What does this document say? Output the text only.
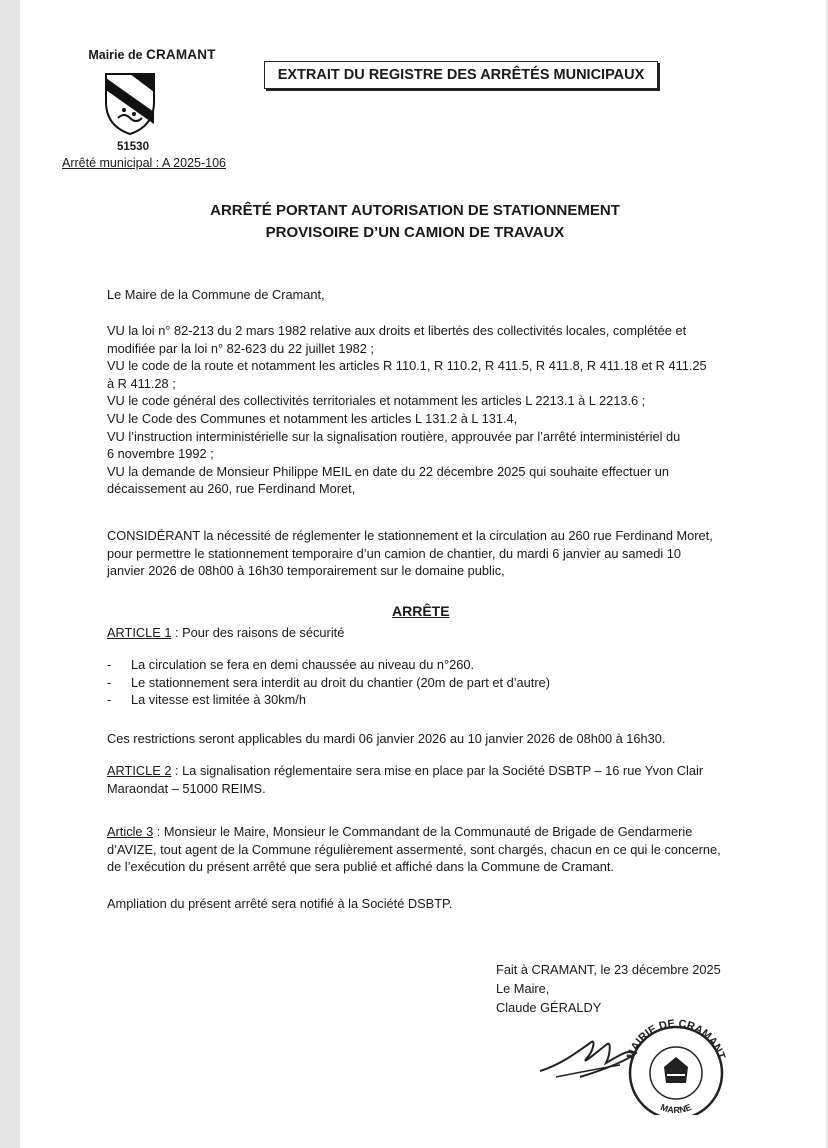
Mairie de CRAMANT
51530
Arrêté municipal : A 2025-106
EXTRAIT DU REGISTRE DES ARRÊTÉS MUNICIPAUX
ARRÊTÉ PORTANT AUTORISATION DE STATIONNEMENT
PROVISOIRE D’UN CAMION DE TRAVAUX

Le Maire de la Commune de Cramant,

VU la loi n° 82-213 du 2 mars 1982 relative aux droits et libertés des collectivités locales, complétée et

modifiée par la loi n° 82-623 du 22 juillet 1982 ;

VU le code de la route et notamment les articles R 110.1, R 110.2, R 411.5, R 411.8, R 411.18 et R 411.25

à R 411.28 ;

VU le code général des collectivités territoriales et notamment les articles L 2213.1 à L 2213.6 ;

VU le Code des Communes et notamment les articles L 131.2 à L 131.4,

VU l’instruction interministérielle sur la signalisation routière, approuvée par l’arrêté interministériel du

6 novembre 1992 ;

VU la demande de Monsieur Philippe MEIL en date du 22 décembre 2025 qui souhaite effectuer un

décaissement au 260, rue Ferdinand Moret,

CONSIDÉRANT la nécessité de réglementer le stationnement et la circulation au 260 rue Ferdinand Moret,

pour permettre le stationnement temporaire d’un camion de chantier, du mardi 6 janvier au samedi 10

janvier 2026 de 08h00 à 16h30 temporairement sur le domaine public,

ARRÊTE

ARTICLE 1 : Pour des raisons de sécurité

- La circulation se fera en demi chaussée au niveau du n°260.
- Le stationnement sera interdit au droit du chantier (20m de part et d’autre)
- La vitesse est limitée à 30km/h

Ces restrictions seront applicables du mardi 06 janvier 2026 au 10 janvier 2026 de 08h00 à 16h30.

ARTICLE 2 : La signalisation réglementaire sera mise en place par la Société DSBTP – 16 rue Yvon Clair

Maraondat – 51000 REIMS.

Article 3 : Monsieur le Maire, Monsieur le Commandant de la Communauté de Brigade de Gendarmerie

d’AVIZE, tout agent de la Commune régulièrement assermenté, sont chargés, chacun en ce qui le concerne,

de l’exécution du présent arrêté que sera publié et affiché dans la Commune de Cramant.

Ampliation du présent arrêté sera notifié à la Société DSBTP.

Fait à CRAMANT, le 23 décembre 2025
Le Maire,
Claude GÉRALDY
MAIRIE DE CRAMANT
MARNE
